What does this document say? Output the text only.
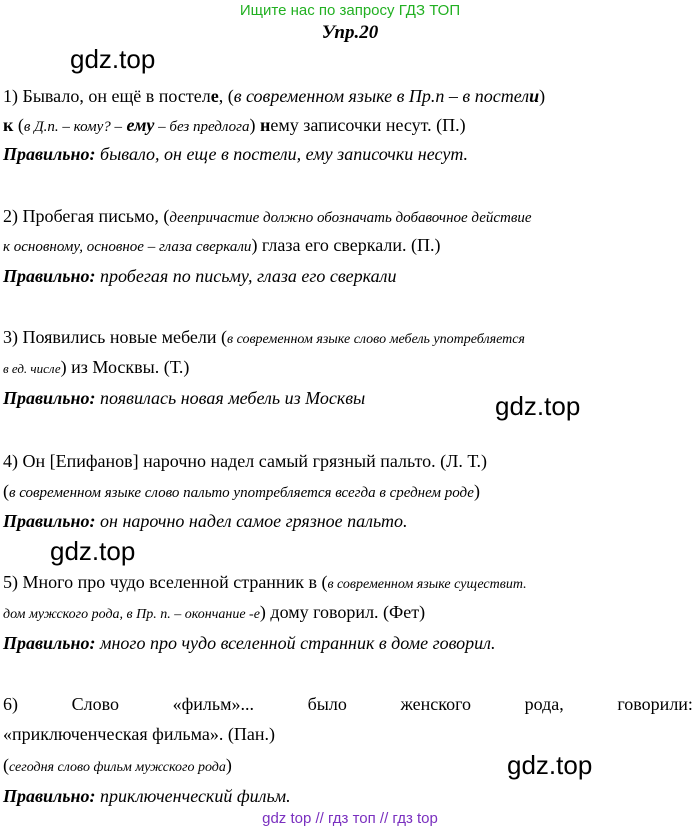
Ищите нас по запросу ГДЗ ТОП
Упр.20
gdz.top
1) Бывало, он ещё в постеле, (в современном языке в Пр.п – в постели)
к (в Д.п. – кому? – ему – без предлога) нему записочки несут. (П.)
Правильно: бывало, он еще в постели, ему записочки несут.
2) Пробегая письмо, (деепричастие должно обозначать добавочное действие
к основному, основное – глаза сверкали) глаза его сверкали. (П.)
Правильно: пробегая по письму, глаза его сверкали
3) Появились новые мебели (в современном языке слово мебель употребляется
в ед. числе) из Москвы. (Т.)
Правильно: появилась новая мебель из Москвы	gdz.top
4) Он [Епифанов] нарочно надел самый грязный пальто. (Л. Т.)
(в современном языке слово пальто употребляется всегда в среднем роде)
Правильно: он нарочно надел самое грязное пальто.
gdz.top
5) Много про чудо вселенной странник в (в современном языке существит.
дом мужского рода, в Пр. п. – окончание -е) дому говорил. (Фет)
Правильно: много про чудо вселенной странник в доме говорил.
6)	Слово	«фильм»...	было	женского	рода,	говорили:
«приключенческая фильма». (Пан.)
(сегодня слово фильм мужского рода)
Правильно: приключенческий фильм.
gdz.top
gdz top // гдз топ // гдз top
